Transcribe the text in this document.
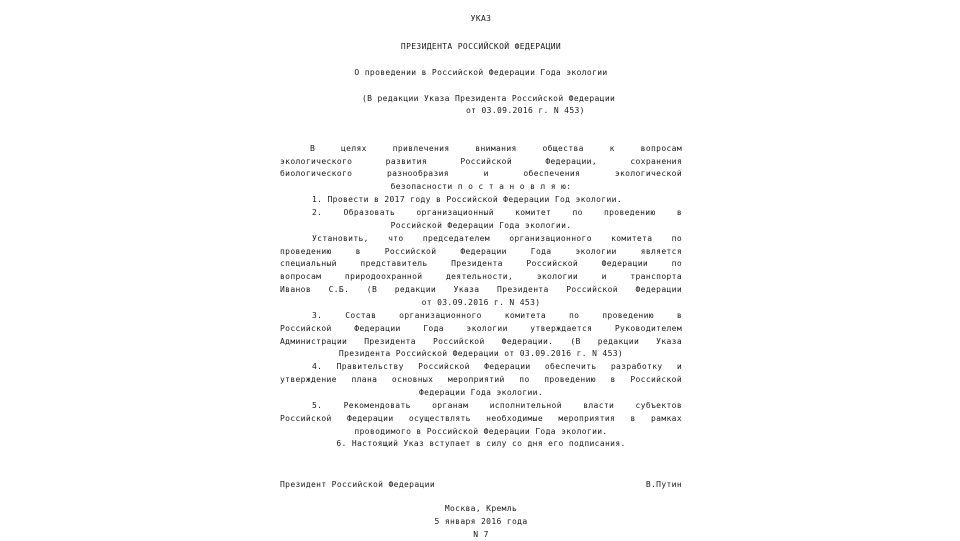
УКАЗ
ПРЕЗИДЕНТА РОССИЙСКОЙ ФЕДЕРАЦИИ
О проведении в Российской Федерации Года экологии
(В редакции Указа Президента Российской Федерации
от 03.09.2016 г. N 453)
В целях привлечения внимания общества к вопросам
экологического развития Российской Федерации, сохранения
биологического разнообразия и обеспечения экологической
безопасности п о с т а н о в л я ю:
1. Провести в 2017 году в Российской Федерации Год экологии.
2. Образовать организационный комитет по проведению в
Российской Федерации Года экологии.
Установить, что председателем организационного комитета по
проведению в Российской Федерации Года экологии является
специальный представитель Президента Российской Федерации по
вопросам природоохранной деятельности, экологии и транспорта
Иванов С.Б. (В редакции Указа Президента Российской Федерации
от 03.09.2016 г. N 453)
3. Состав организационного комитета по проведению в
Российской Федерации Года экологии утверждается Руководителем
Администрации Президента Российской Федерации. (В редакции Указа
Президента Российской Федерации от 03.09.2016 г. N 453)
4. Правительству Российской Федерации обеспечить разработку и
утверждение плана основных мероприятий по проведению в Российской
Федерации Года экологии.
5. Рекомендовать органам исполнительной власти субъектов
Российской Федерации осуществлять необходимые мероприятия в рамках
проводимого в Российской Федерации Года экологии.
6. Настоящий Указ вступает в силу со дня его подписания.
Президент Российской Федерации	В.Путин
Москва, Кремль
5 января 2016 года
N 7
